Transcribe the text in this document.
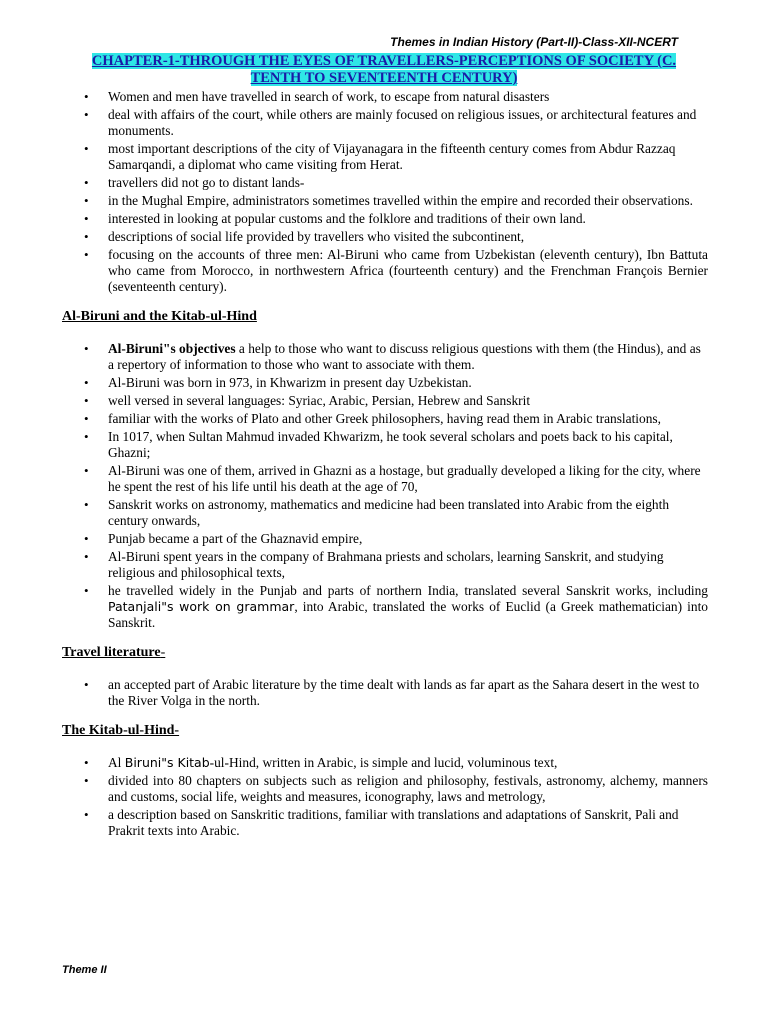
Themes in Indian History (Part-II)-Class-XII-NCERT
CHAPTER-1-THROUGH THE EYES OF TRAVELLERS-PERCEPTIONS OF SOCIETY (C.
TENTH TO SEVENTEENTH CENTURY)
• Women and men have travelled in search of work, to escape from natural disasters
• deal with affairs of the court, while others are mainly focused on religious issues, or architectural features and monuments.
• most important descriptions of the city of Vijayanagara in the fifteenth century comes from Abdur Razzaq Samarqandi, a diplomat who came visiting from Herat.
• travellers did not go to distant lands-
• in the Mughal Empire, administrators sometimes travelled within the empire and recorded their observations.
• interested in looking at popular customs and the folklore and traditions of their own land.
• descriptions of social life provided by travellers who visited the subcontinent,
• focusing on the accounts of three men: Al-Biruni who came from Uzbekistan (eleventh century), Ibn Battuta who came from Morocco, in northwestern Africa (fourteenth century) and the Frenchman François Bernier (seventeenth century).
Al-Biruni and the Kitab-ul-Hind
• Al-Biruni"s objectives a help to those who want to discuss religious questions with them (the Hindus), and as a repertory of information to those who want to associate with them.
• Al-Biruni was born in 973, in Khwarizm in present day Uzbekistan.
• well versed in several languages: Syriac, Arabic, Persian, Hebrew and Sanskrit
• familiar with the works of Plato and other Greek philosophers, having read them in Arabic translations,
• In 1017, when Sultan Mahmud invaded Khwarizm, he took several scholars and poets back to his capital, Ghazni;
• Al-Biruni was one of them, arrived in Ghazni as a hostage, but gradually developed a liking for the city, where he spent the rest of his life until his death at the age of 70,
• Sanskrit works on astronomy, mathematics and medicine had been translated into Arabic from the eighth century onwards,
• Punjab became a part of the Ghaznavid empire,
• Al-Biruni spent years in the company of Brahmana priests and scholars, learning Sanskrit, and studying religious and philosophical texts,
• he travelled widely in the Punjab and parts of northern India, translated several Sanskrit works, including Patanjali"s work on grammar, into Arabic, translated the works of Euclid (a Greek mathematician) into Sanskrit.
Travel literature-
• an accepted part of Arabic literature by the time dealt with lands as far apart as the Sahara desert in the west to the River Volga in the north.
The Kitab-ul-Hind-
• Al Biruni"s Kitab-ul-Hind, written in Arabic, is simple and lucid, voluminous text,
• divided into 80 chapters on subjects such as religion and philosophy, festivals, astronomy, alchemy, manners and customs, social life, weights and measures, iconography, laws and metrology,
• a description based on Sanskritic traditions, familiar with translations and adaptations of Sanskrit, Pali and Prakrit texts into Arabic.
Theme II
